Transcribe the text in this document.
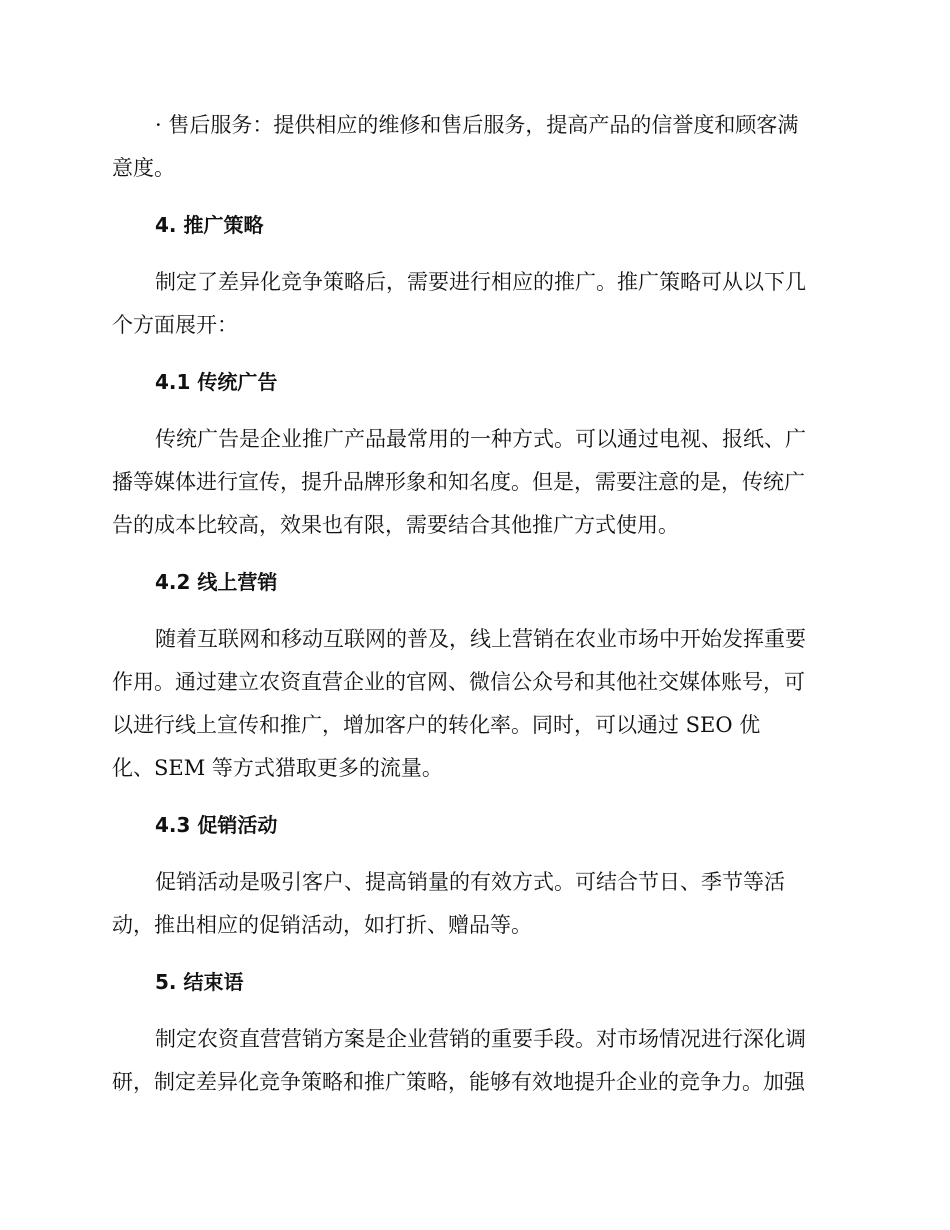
· 售后服务：提供相应的维修和售后服务，提高产品的信誉度和顾客满
意度。
4. 推广策略
制定了差异化竞争策略后，需要进行相应的推广。推广策略可从以下几
个方面展开：
4.1 传统广告
传统广告是企业推广产品最常用的一种方式。可以通过电视、报纸、广
播等媒体进行宣传，提升品牌形象和知名度。但是，需要注意的是，传统广
告的成本比较高，效果也有限，需要结合其他推广方式使用。
4.2 线上营销
随着互联网和移动互联网的普及，线上营销在农业市场中开始发挥重要
作用。通过建立农资直营企业的官网、微信公众号和其他社交媒体账号，可
以进行线上宣传和推广，增加客户的转化率。同时，可以通过 SEO 优
化、SEM 等方式猎取更多的流量。
4.3 促销活动
促销活动是吸引客户、提高销量的有效方式。可结合节日、季节等活
动，推出相应的促销活动，如打折、赠品等。
5. 结束语
制定农资直营营销方案是企业营销的重要手段。对市场情况进行深化调
研，制定差异化竞争策略和推广策略，能够有效地提升企业的竞争力。加强
